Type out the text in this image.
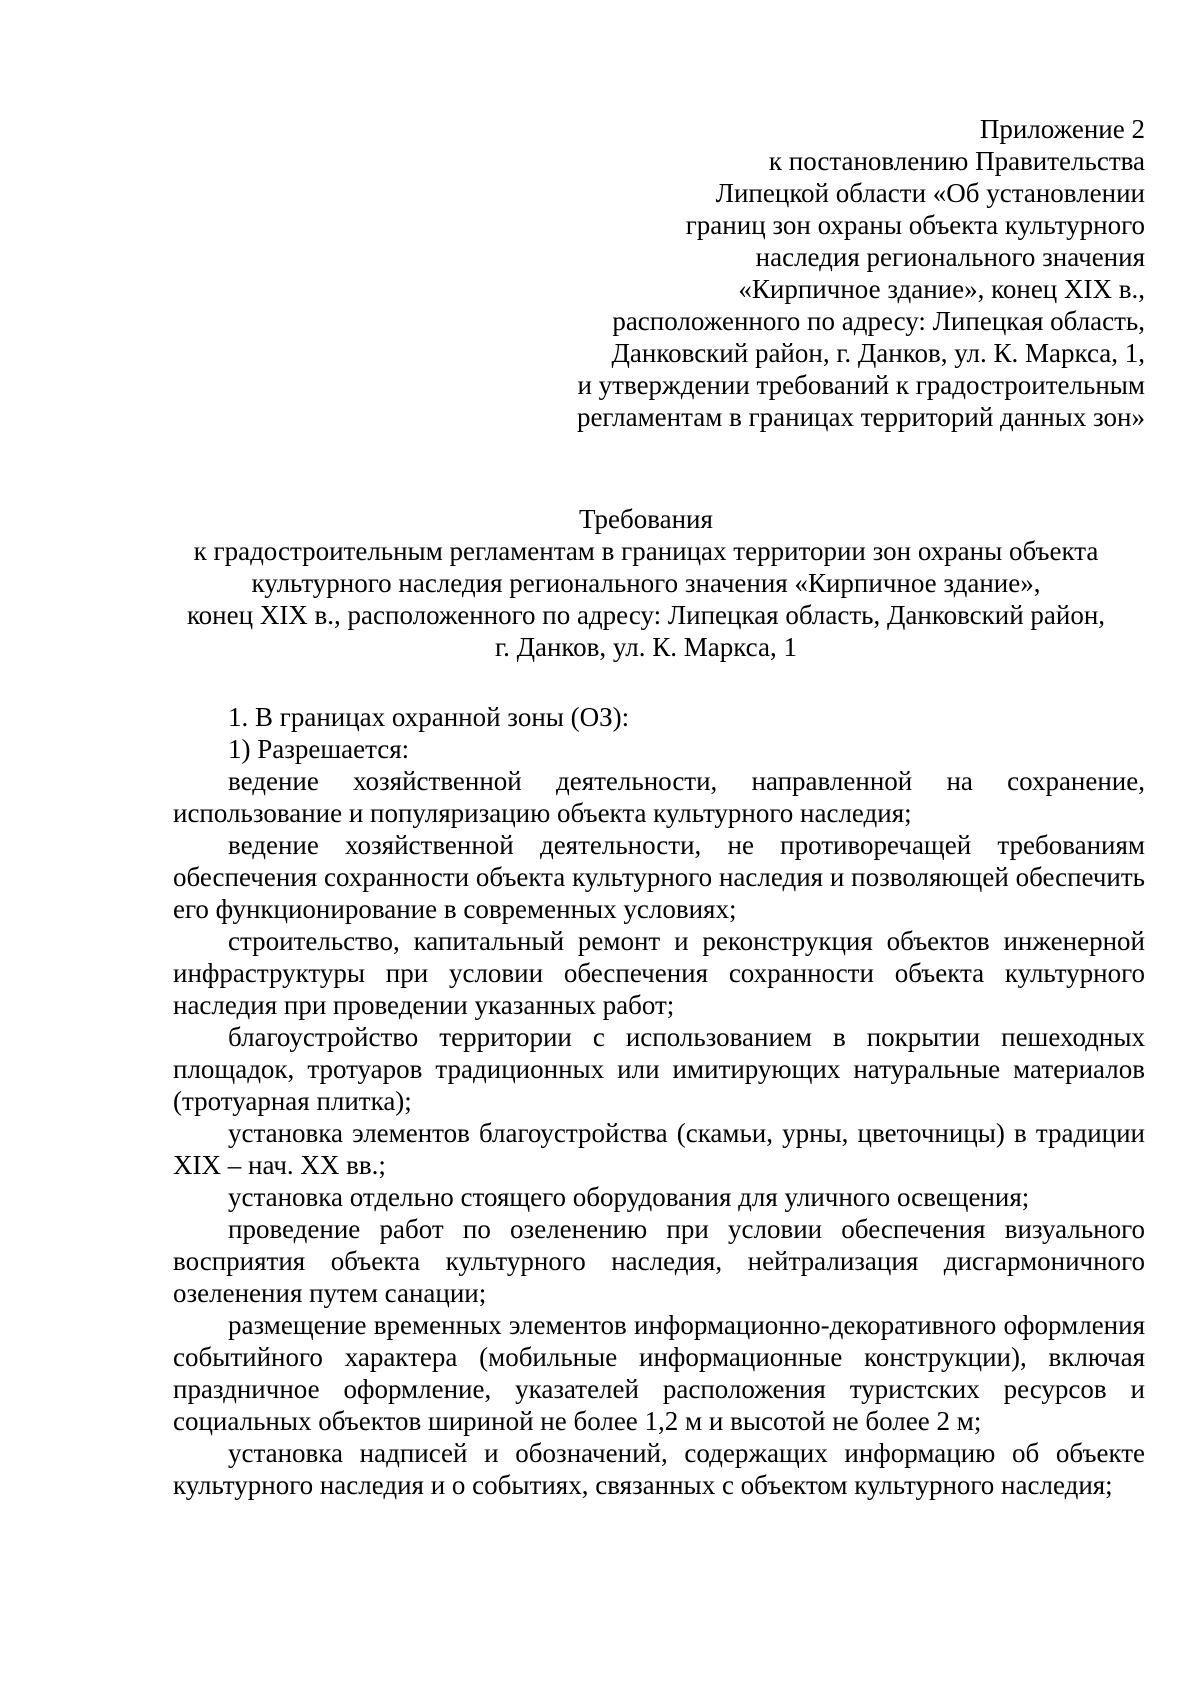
Приложение 2
к постановлению Правительства
Липецкой области «Об установлении
границ зон охраны объекта культурного
наследия регионального значения
«Кирпичное здание», конец XIX в.,
расположенного по адресу: Липецкая область,
Данковский район, г. Данков, ул. К. Маркса, 1,
и утверждении требований к градостроительным
регламентам в границах территорий данных зон»
Требования
к градостроительным регламентам в границах территории зон охраны объекта
культурного наследия регионального значения «Кирпичное здание»,
конец XIX в., расположенного по адресу: Липецкая область, Данковский район,
г. Данков, ул. К. Маркса, 1

1. В границах охранной зоны (ОЗ):

1) Разрешается:

ведение хозяйственной деятельности, направленной на сохранение, использование и популяризацию объекта культурного наследия;

ведение хозяйственной деятельности, не противоречащей требованиям обеспечения сохранности объекта культурного наследия и позволяющей обеспечить его функционирование в современных условиях;

строительство, капитальный ремонт и реконструкция объектов инженерной инфраструктуры при условии обеспечения сохранности объекта культурного наследия при проведении указанных работ;

благоустройство территории с использованием в покрытии пешеходных площадок, тротуаров традиционных или имитирующих натуральные материалов (тротуарная плитка);

установка элементов благоустройства (скамьи, урны, цветочницы) в традиции XIX – нач. XX вв.;

установка отдельно стоящего оборудования для уличного освещения;

проведение работ по озеленению при условии обеспечения визуального восприятия объекта культурного наследия, нейтрализация дисгармоничного озеленения путем санации;

размещение временных элементов информационно-декоративного оформления событийного характера (мобильные информационные конструкции), включая праздничное оформление, указателей расположения туристских ресурсов и социальных объектов шириной не более 1,2 м и высотой не более 2 м;

установка надписей и обозначений, содержащих информацию об объекте культурного наследия и о событиях, связанных с объектом культурного наследия;
